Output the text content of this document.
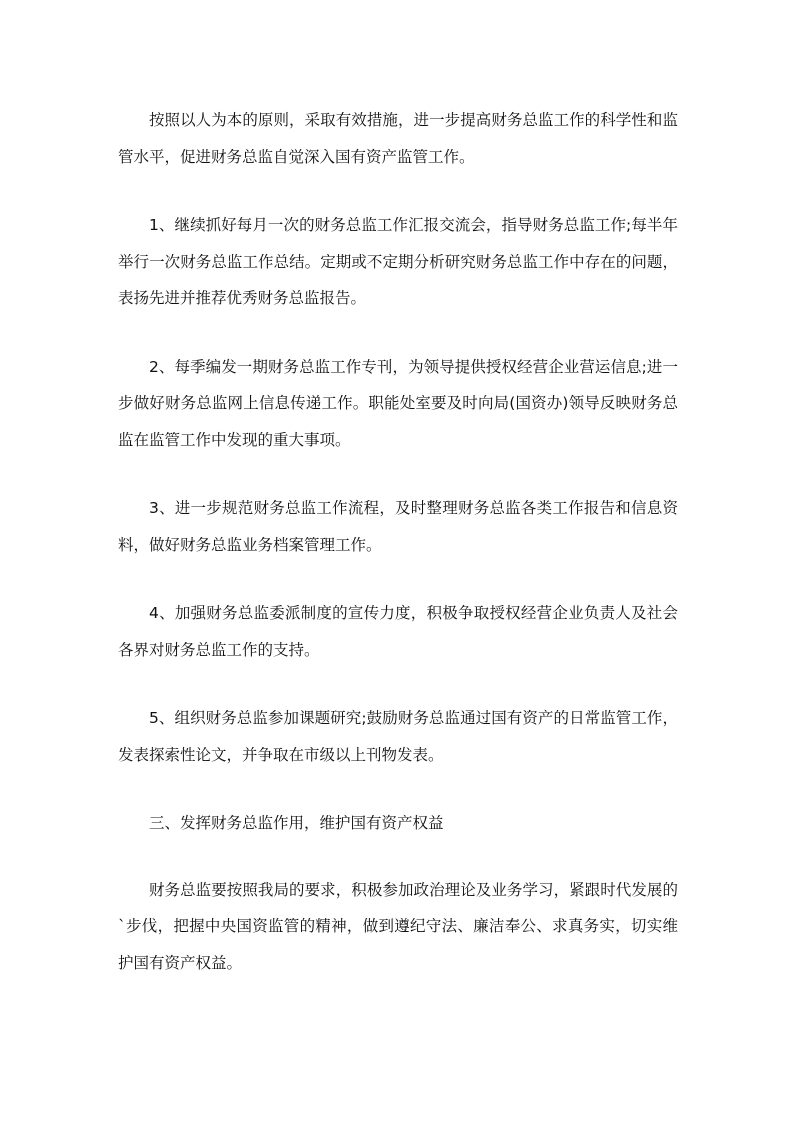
按照以人为本的原则，采取有效措施，进一步提高财务总监工作的科学性和监管水平，促进财务总监自觉深入国有资产监管工作。

1、继续抓好每月一次的财务总监工作汇报交流会，指导财务总监工作;每半年举行一次财务总监工作总结。定期或不定期分析研究财务总监工作中存在的问题，表扬先进并推荐优秀财务总监报告。

2、每季编发一期财务总监工作专刊，为领导提供授权经营企业营运信息;进一步做好财务总监网上信息传递工作。职能处室要及时向局(国资办)领导反映财务总监在监管工作中发现的重大事项。

3、进一步规范财务总监工作流程，及时整理财务总监各类工作报告和信息资料，做好财务总监业务档案管理工作。

4、加强财务总监委派制度的宣传力度，积极争取授权经营企业负责人及社会各界对财务总监工作的支持。

5、组织财务总监参加课题研究;鼓励财务总监通过国有资产的日常监管工作，发表探索性论文，并争取在市级以上刊物发表。

三、发挥财务总监作用，维护国有资产权益

财务总监要按照我局的要求，积极参加政治理论及业务学习，紧跟时代发展的`步伐，把握中央国资监管的精神，做到遵纪守法、廉洁奉公、求真务实，切实维护国有资产权益。
